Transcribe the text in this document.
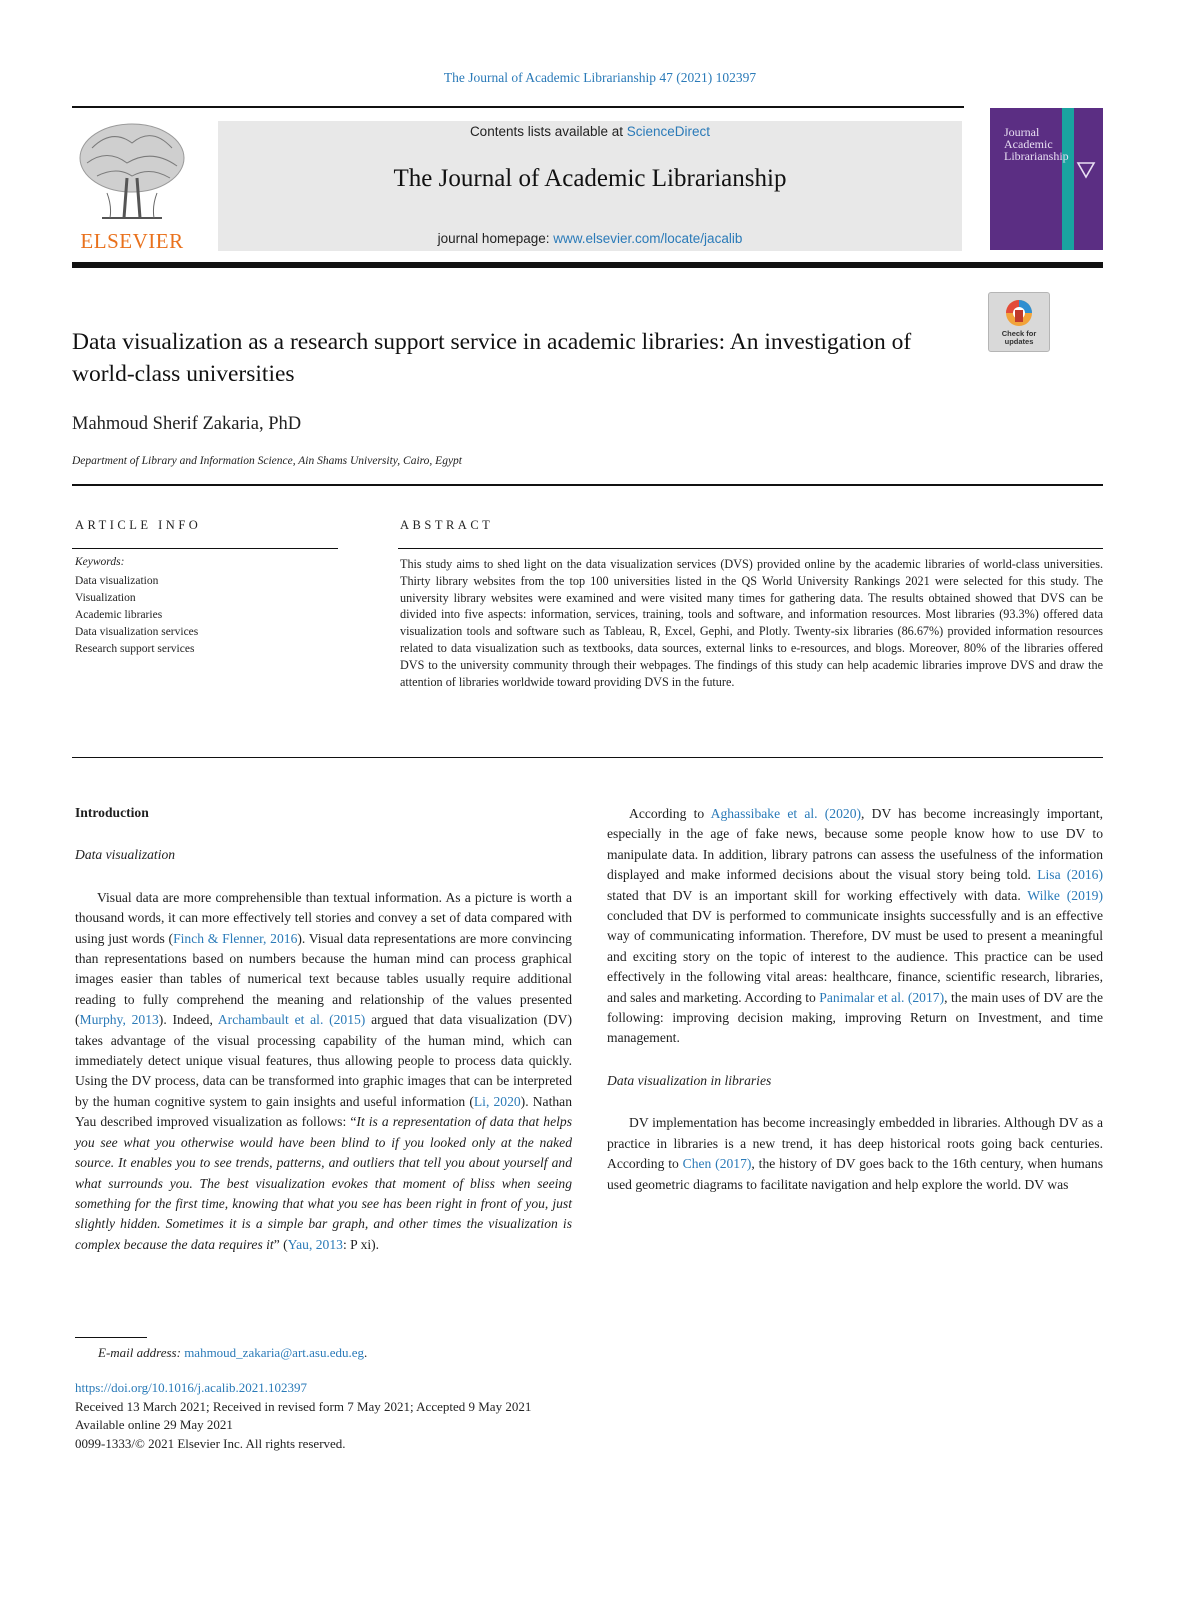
The Journal of Academic Librarianship 47 (2021) 102397
ELSEVIER
Contents lists available at ScienceDirect
The Journal of Academic Librarianship
journal homepage: www.elsevier.com/locate/jacalib
Journal
Academic
Librarianship
Check for
updates
Data visualization as a research support service in academic libraries: An investigation of world-class universities
Mahmoud Sherif Zakaria, PhD
Department of Library and Information Science, Ain Shams University, Cairo, Egypt
ARTICLE INFO	ABSTRACT
Keywords:
Data visualization
Visualization
Academic libraries
Data visualization services
Research support services
This study aims to shed light on the data visualization services (DVS) provided online by the academic libraries of world-class universities. Thirty library websites from the top 100 universities listed in the QS World University Rankings 2021 were selected for this study. The university library websites were examined and were visited many times for gathering data. The results obtained showed that DVS can be divided into five aspects: information, services, training, tools and software, and information resources. Most libraries (93.3%) offered data visualization tools and software such as Tableau, R, Excel, Gephi, and Plotly. Twenty-six libraries (86.67%) provided information resources related to data visualization such as textbooks, data sources, external links to e-resources, and blogs. Moreover, 80% of the libraries offered DVS to the university community through their webpages. The findings of this study can help academic libraries improve DVS and draw the attention of libraries worldwide toward providing DVS in the future.
Introduction
Data visualization

Visual data are more comprehensible than textual information. As a picture is worth a thousand words, it can more effectively tell stories and convey a set of data compared with using just words (Finch & Flenner, 2016). Visual data representations are more convincing than representations based on numbers because the human mind can process graphical images easier than tables of numerical text because tables usually require additional reading to fully comprehend the meaning and relationship of the values presented (Murphy, 2013). Indeed, Archambault et al. (2015) argued that data visualization (DV) takes advantage of the visual processing capability of the human mind, which can immediately detect unique visual features, thus allowing people to process data quickly. Using the DV process, data can be transformed into graphic images that can be interpreted by the human cognitive system to gain insights and useful information (Li, 2020). Nathan Yau described improved visualization as follows: “It is a representation of data that helps you see what you otherwise would have been blind to if you looked only at the naked source. It enables you to see trends, patterns, and outliers that tell you about yourself and what surrounds you. The best visualization evokes that moment of bliss when seeing something for the first time, knowing that what you see has been right in front of you, just slightly hidden. Sometimes it is a simple bar graph, and other times the visualization is complex because the data requires it” (Yau, 2013: P xi).

According to Aghassibake et al. (2020), DV has become increasingly important, especially in the age of fake news, because some people know how to use DV to manipulate data. In addition, library patrons can assess the usefulness of the information displayed and make informed decisions about the visual story being told. Lisa (2016) stated that DV is an important skill for working effectively with data. Wilke (2019) concluded that DV is performed to communicate insights successfully and is an effective way of communicating information. Therefore, DV must be used to present a meaningful and exciting story on the topic of interest to the audience. This practice can be used effectively in the following vital areas: healthcare, finance, scientific research, libraries, and sales and marketing. According to Panimalar et al. (2017), the main uses of DV are the following: improving decision making, improving Return on Investment, and time management.

Data visualization in libraries

DV implementation has become increasingly embedded in libraries. Although DV as a practice in libraries is a new trend, it has deep historical roots going back centuries. According to Chen (2017), the history of DV goes back to the 16th century, when humans used geometric diagrams to facilitate navigation and help explore the world. DV was

E-mail address: mahmoud_zakaria@art.asu.edu.eg.
https://doi.org/10.1016/j.acalib.2021.102397
Received 13 March 2021; Received in revised form 7 May 2021; Accepted 9 May 2021
Available online 29 May 2021
0099-1333/© 2021 Elsevier Inc. All rights reserved.
